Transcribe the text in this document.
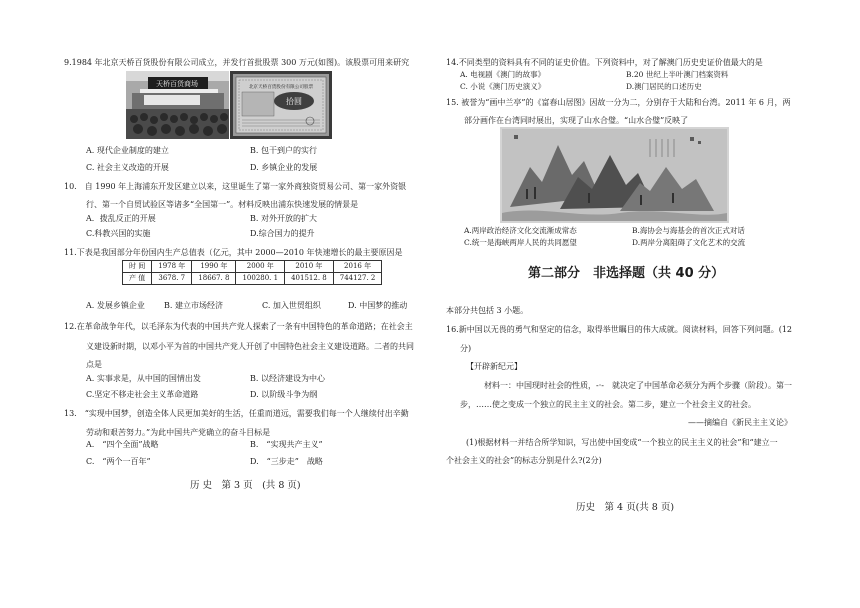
9.1984 年北京天桥百货股份有限公司成立，并发行首批股票 300 万元(如图)。该股票可用来研究
天桥百货商场	北京天桥百货股份有限公司股票
拾圆
A. 现代企业制度的建立	B. 包干到户的实行
C. 社会主义改造的开展	D. 乡镇企业的发展
10.　自 1990 年上海浦东开发区建立以来，这里诞生了第一家外商独资贸易公司、第一家外资银
行、第一个自贸试验区等诸多“全国第一”。材料反映出浦东快速发展的情景是
A．拨乱反正的开展	B. 对外开放的扩大
C.科教兴国的实施	D.综合国力的提升
11.下表是我国部分年份国内生产总值表（亿元，其中 2000—2010 年快速增长的最主要原因是
时 间	1978 年	1990 年	2000 年	2010 年	2016 年
产 值	3678. 7	18667. 8	100280. 1	401512. 8	744127. 2
A. 发展乡镇企业 B. 建立市场经济	C. 加入世贸组织	D. 中国梦的推动
12.在革命战争年代，以毛泽东为代表的中国共产党人探索了一条有中国特色的革命道路；在社会主
义建设新时期，以邓小平为首的中国共产党人开创了中国特色社会主义建设道路。二者的共同
点是
A. 实事求是，从中国的国情出发	B. 以经济建设为中心
C.坚定不移走社会主义革命道路	D. 以阶级斗争为纲
13.　“实现中国梦，创造全体人民更加美好的生活，任重而道远，需要我们每一个人继续付出辛勤
劳动和艰苦努力。”为此中国共产党确立的奋斗目标是
A.　“四个全面”战略	B.　“实现共产主义”
C.　“两个一百年”	D.　“三步走”　战略
历 史　第 3 页　(共 8 页)
14.不同类型的资料具有不同的证史价值。下列资料中，对了解澳门历史史证价值最大的是
A. 电视剧《澳门的故事》	B.20 世纪上半叶澳门档案资料
C. 小说《澳门历史演义》	D.澳门居民的口述历史
15. 被誉为“画中兰亭”的《富春山居图》因故一分为二，分别存于大陆和台湾。2011 年 6 月，两
部分画作在台湾同时展出，实现了山水合璧。“山水合璧”反映了
A.两岸政治经济文化交流渐成常态	B.海协会与海基会的首次正式对话
C.统一是海峡两岸人民的共同愿望	D.两岸分离阻碍了文化艺术的交流
第二部分　非选择题（共 40 分）
本部分共包括 3 小题。
16.新中国以无畏的勇气和坚定的信念，取得举世瞩目的伟大成就。阅读材料，回答下列问题。(12
分)
【开辟新纪元】
材料一：中国现时社会的性质，-·-　就决定了中国革命必须分为两个步骤（阶段）。第一
步，……使之变成一个独立的民主主义的社会。第二步，建立一个社会主义的社会。
——摘编自《新民主主义论》
(1)根据材料一并结合所学知识，写出使中国变成“一个独立的民主主义的社会”和“建立一
个社会主义的社会”的标志分别是什么?(2分)
历史　第 4 页(共 8 页)
